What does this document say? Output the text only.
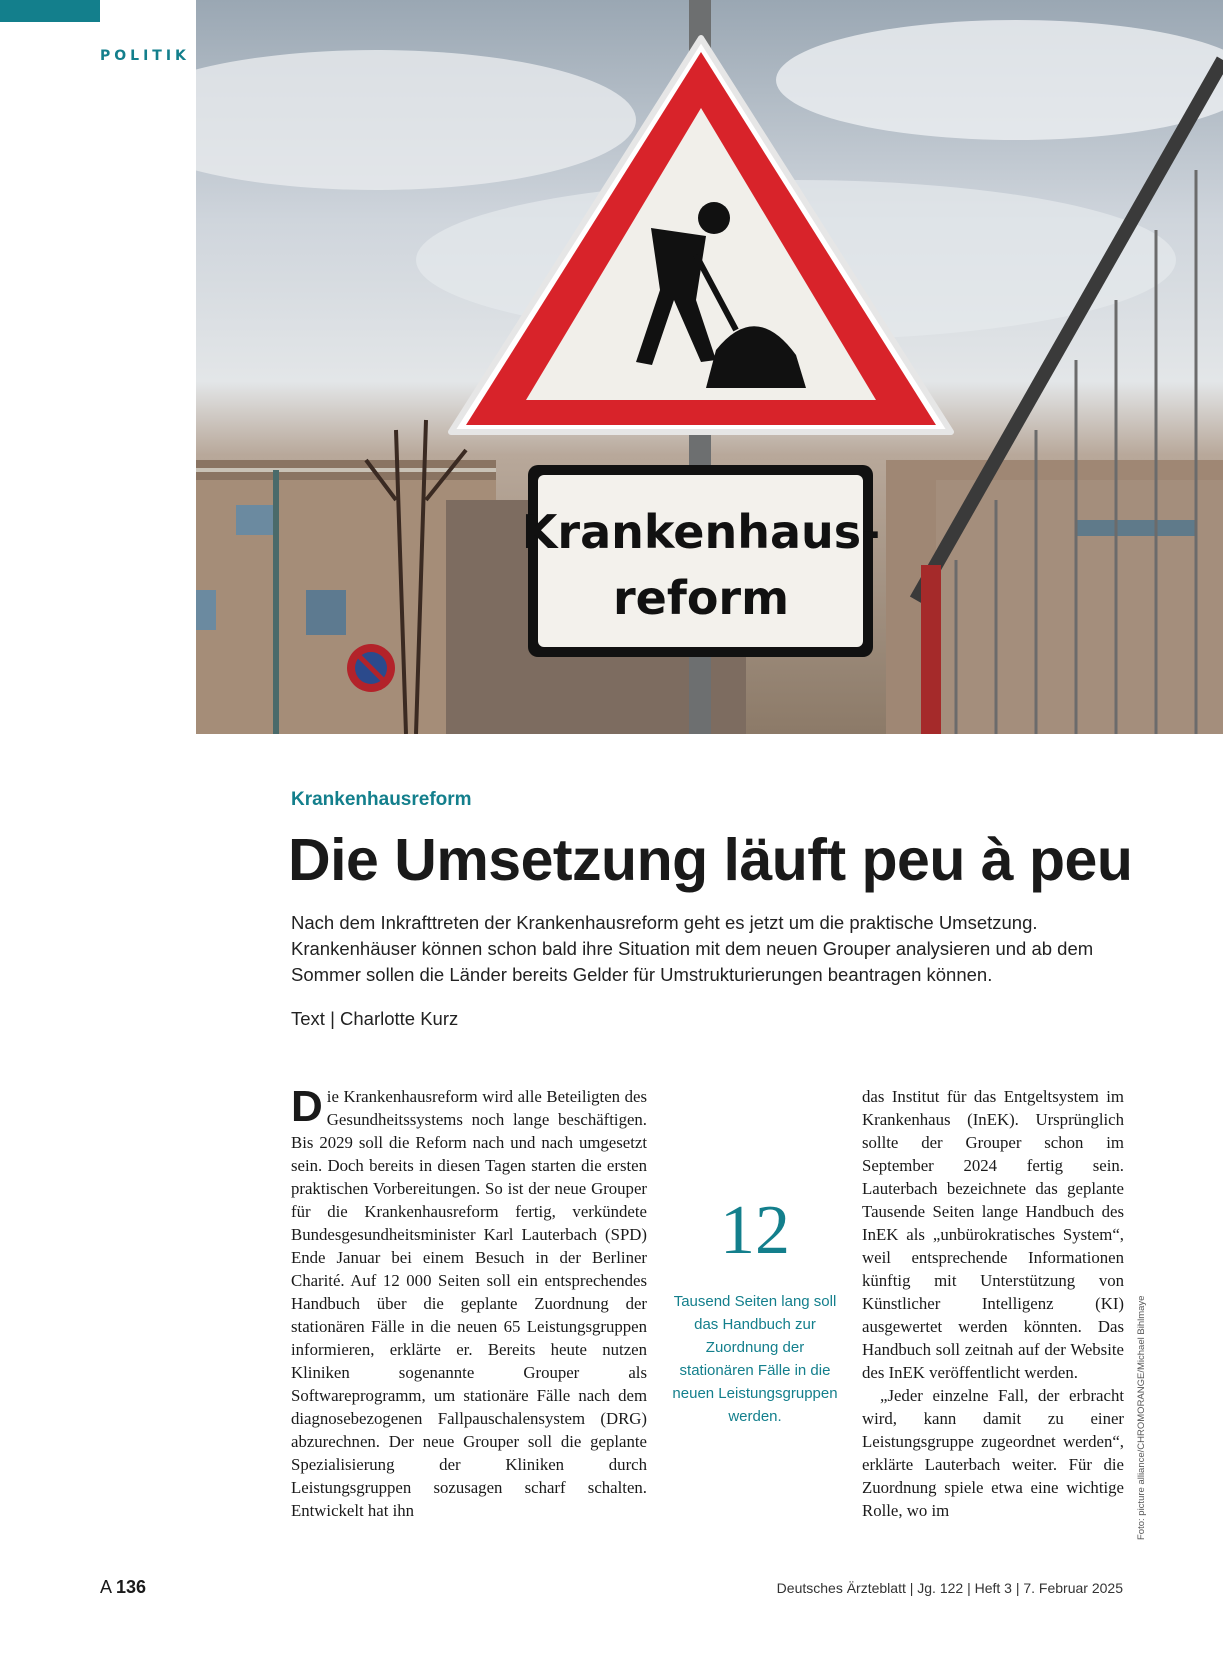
POLITIK
Krankenhaus-
reform
Krankenhausreform
Die Umsetzung läuft peu à peu

Nach dem Inkrafttreten der Krankenhausreform geht es jetzt um die praktische Umsetzung. Krankenhäuser können schon bald ihre Situation mit dem neuen Grouper analysieren und ab dem Sommer sollen die Länder bereits Gelder für Umstrukturierungen beantragen können.

Text | Charlotte Kurz
D ie Krankenhausreform wird alle Beteiligten des Gesundheitssystems noch lange beschäftigen. Bis 2029 soll die Reform nach und nach umgesetzt sein. Doch bereits in diesen Tagen starten die ersten praktischen Vorbereitungen. So ist der neue Grouper für die Krankenhausreform fertig, verkündete Bundesgesundheitsminister Karl Lauterbach (SPD) Ende Januar bei einem Besuch in der Berliner Charité. Auf 12 000 Seiten soll ein entsprechendes Handbuch über die geplante Zuordnung der stationären Fälle in die neuen 65 Leistungsgruppen informieren, erklärte er. Bereits heute nutzen Kliniken sogenannte Grouper als Softwareprogramm, um stationäre Fälle nach dem diagnosebezogenen Fallpauschalensystem (DRG) abzurechnen. Der neue Grouper soll die geplante Spezialisierung der Kliniken durch Leistungsgruppen sozusagen scharf schalten. Entwickelt hat ihn

12
Tausend Seiten lang soll das Handbuch zur Zuordnung der stationären Fälle in die neuen Leistungsgruppen werden.

das Institut für das Entgeltsystem im Krankenhaus (InEK). Ursprünglich sollte der Grouper schon im September 2024 fertig sein. Lauterbach bezeichnete das geplante Tausende Seiten lange Handbuch des InEK als „unbürokratisches System“, weil entsprechende Informationen künftig mit Unterstützung von Künstlicher Intelligenz (KI) ausgewertet werden könnten. Das Handbuch soll zeitnah auf der Website des InEK veröffentlicht werden.

„Jeder einzelne Fall, der erbracht wird, kann damit zu einer Leistungsgruppe zugeordnet werden“, erklärte Lauterbach weiter. Für die Zuordnung spiele etwa eine wichtige Rolle, wo im	Foto: picture alliance/CHROMORANGE/Michael Bihlmaye
A 136	Deutsches Ärzteblatt | Jg. 122 | Heft 3 | 7. Februar 2025
